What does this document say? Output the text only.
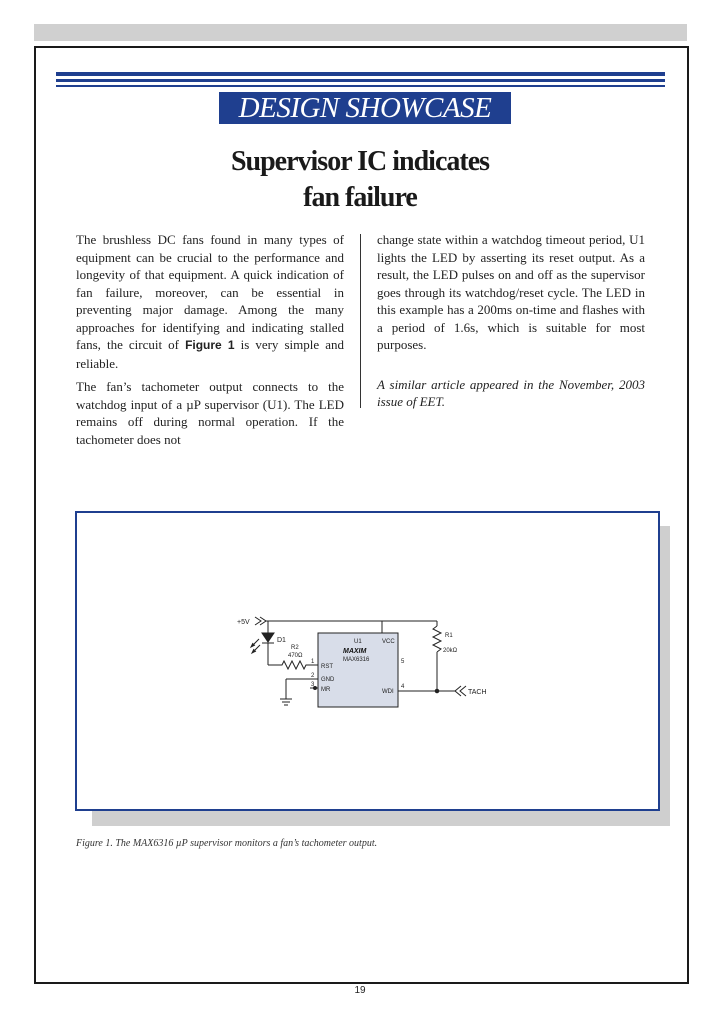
DESIGN SHOWCASE
Supervisor IC indicates
fan failure

The brushless DC fans found in many types of equipment can be crucial to the performance and longevity of that equipment. A quick indication of fan failure, moreover, can be essential in preventing major damage. Among the many approaches for identifying and indicating stalled fans, the circuit of Figure 1 is very simple and reliable.

The fan’s tachometer output connects to the watchdog input of a µP supervisor (U1). The LED remains off during normal operation. If the tachometer does not

change state within a watchdog timeout period, U1 lights the LED by asserting its reset output. As a result, the LED pulses on and off as the supervisor goes through its watchdog/reset cycle. The LED in this example has a 200ms on-time and flashes with a period of 1.6s, which is suitable for most purposes.

A similar article appeared in the November, 2003 issue of EET.

+5V
D1
R2
470Ω
R1
20kΩ
U1
MAXIM
MAX6316
RST
GND
MR
VCC
WDI
1
2
3
5
4
TACH
Figure 1. The MAX6316 µP supervisor monitors a fan’s tachometer output.
19
